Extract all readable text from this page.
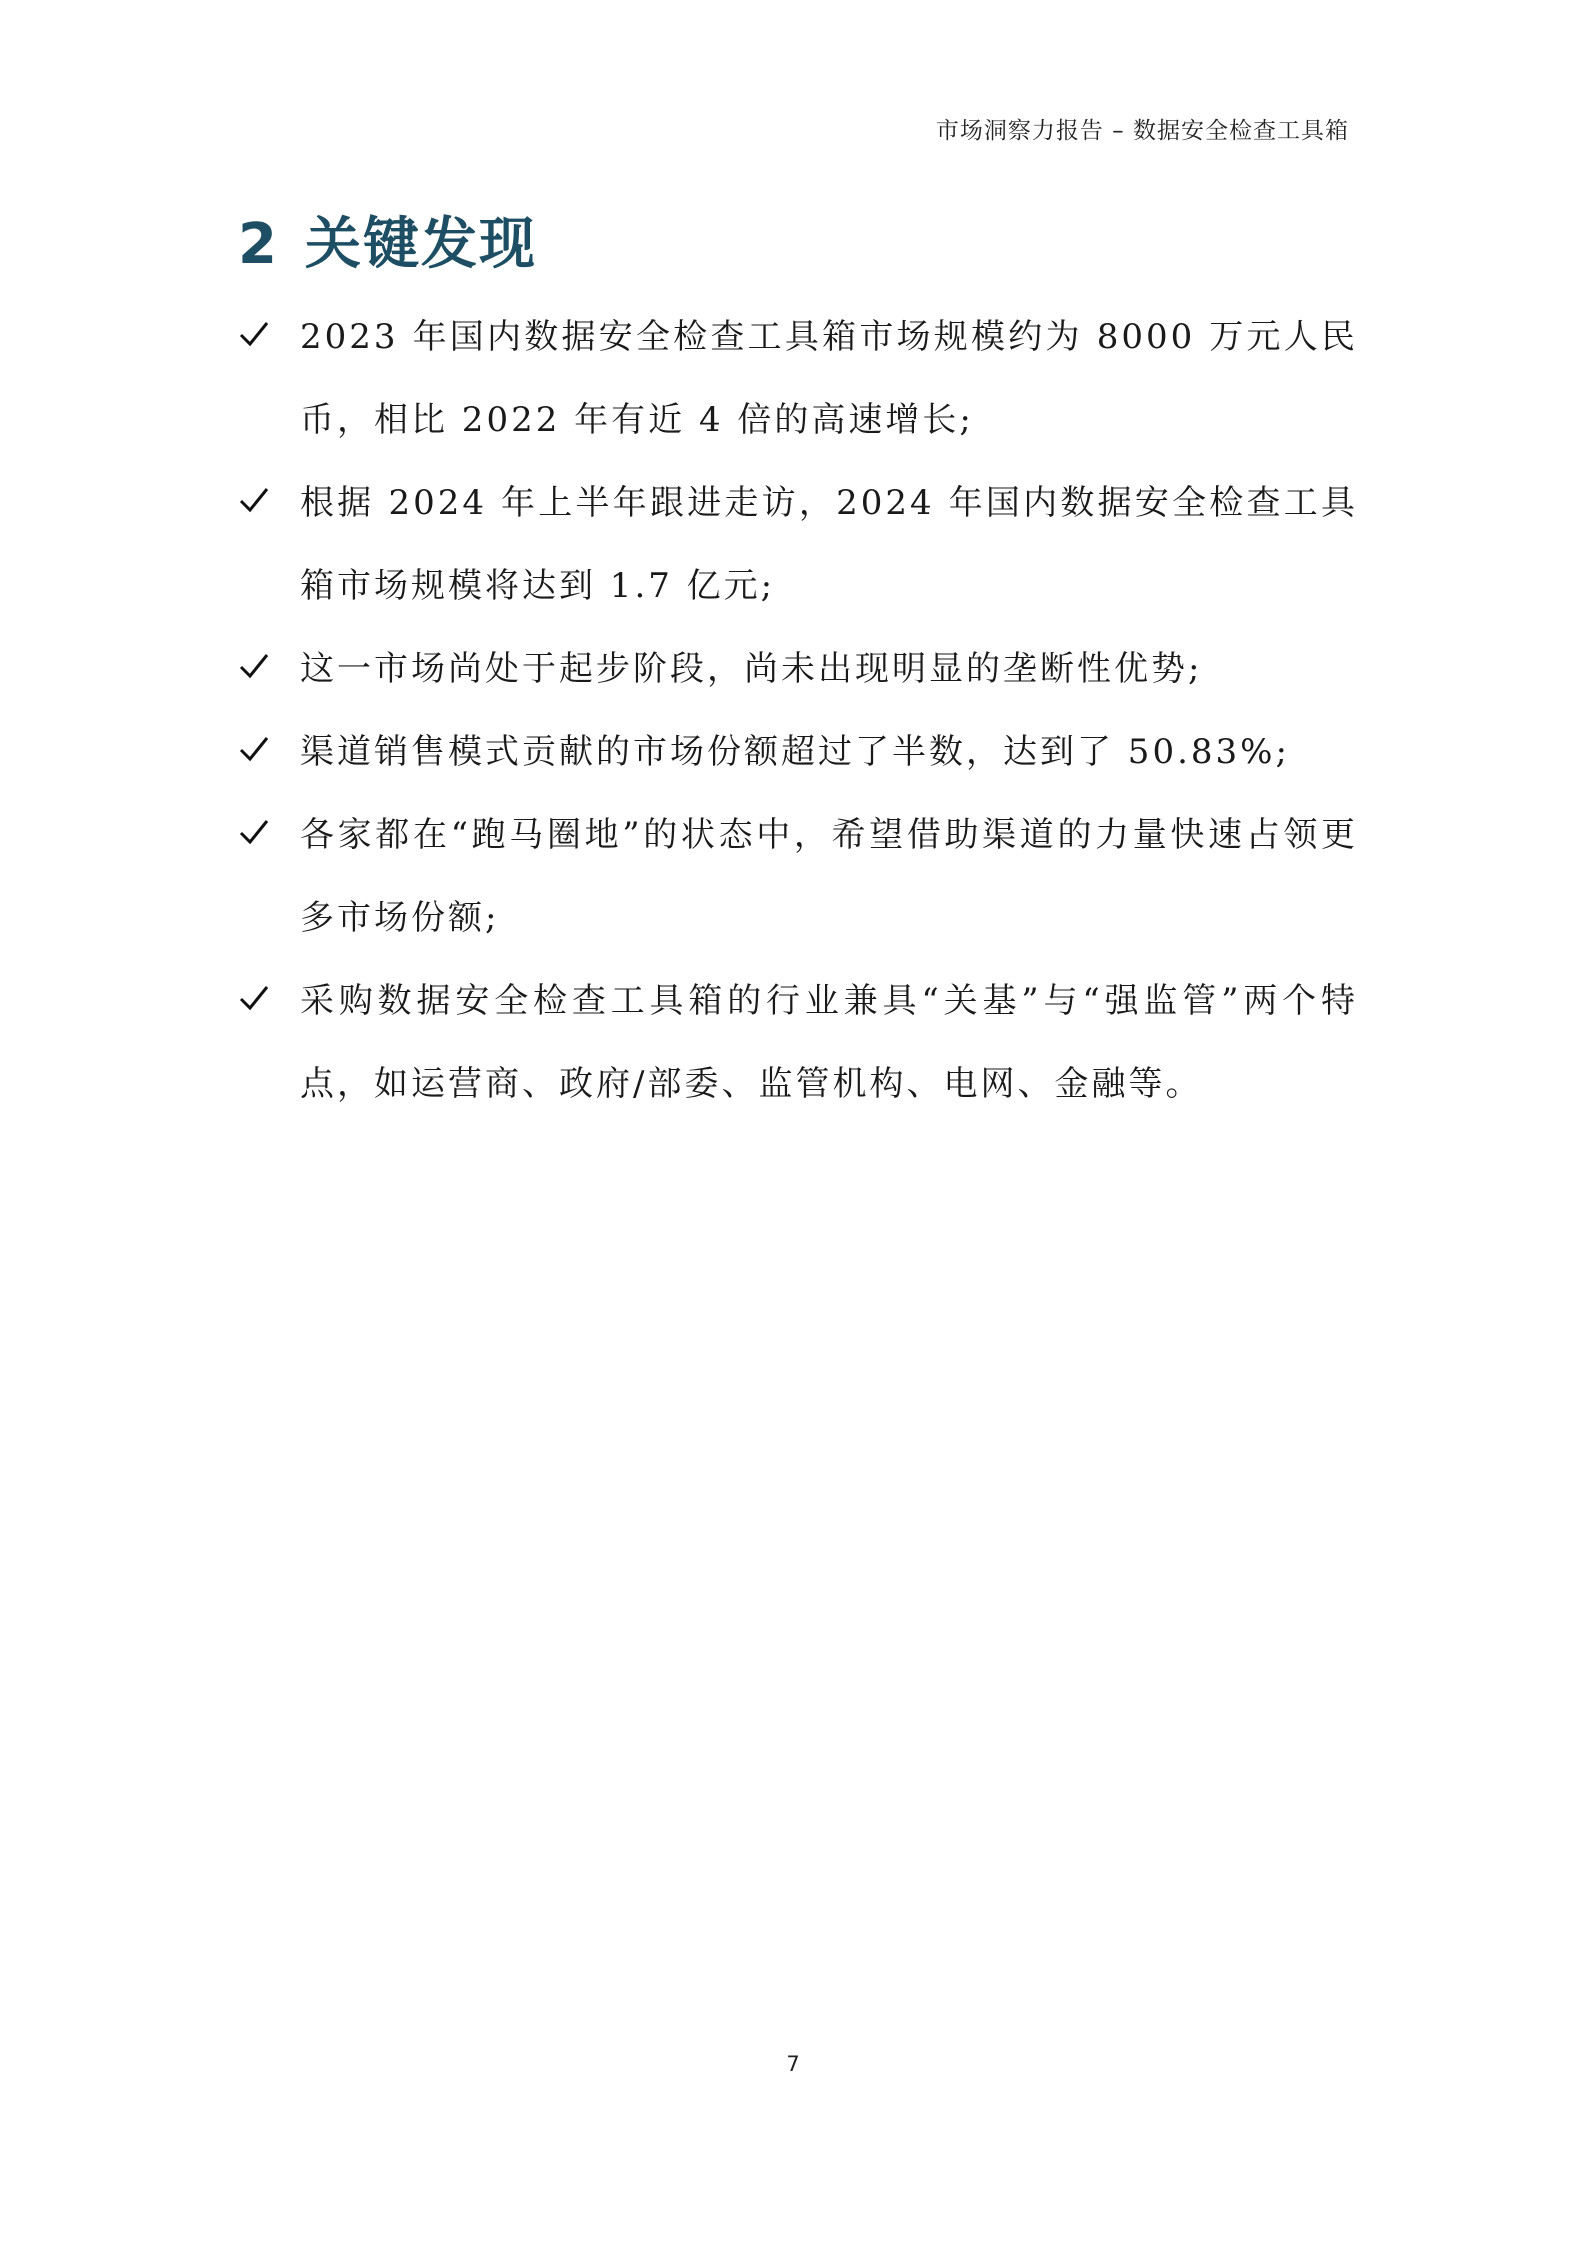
市场洞察力报告 – 数据安全检查工具箱
2 关键发现
2023 年国内数据安全检查工具箱市场规模约为 8000 万元人民币，相比 2022 年有近 4 倍的高速增长;
根据 2024 年上半年跟进走访，2024 年国内数据安全检查工具箱市场规模将达到 1.7 亿元;
这一市场尚处于起步阶段，尚未出现明显的垄断性优势;
渠道销售模式贡献的市场份额超过了半数，达到了 50.83%;
各家都在“跑马圈地”的状态中，希望借助渠道的力量快速占领更多市场份额;
采购数据安全检查工具箱的行业兼具“关基”与“强监管”两个特点，如运营商、政府/部委、监管机构、电网、金融等。
7
